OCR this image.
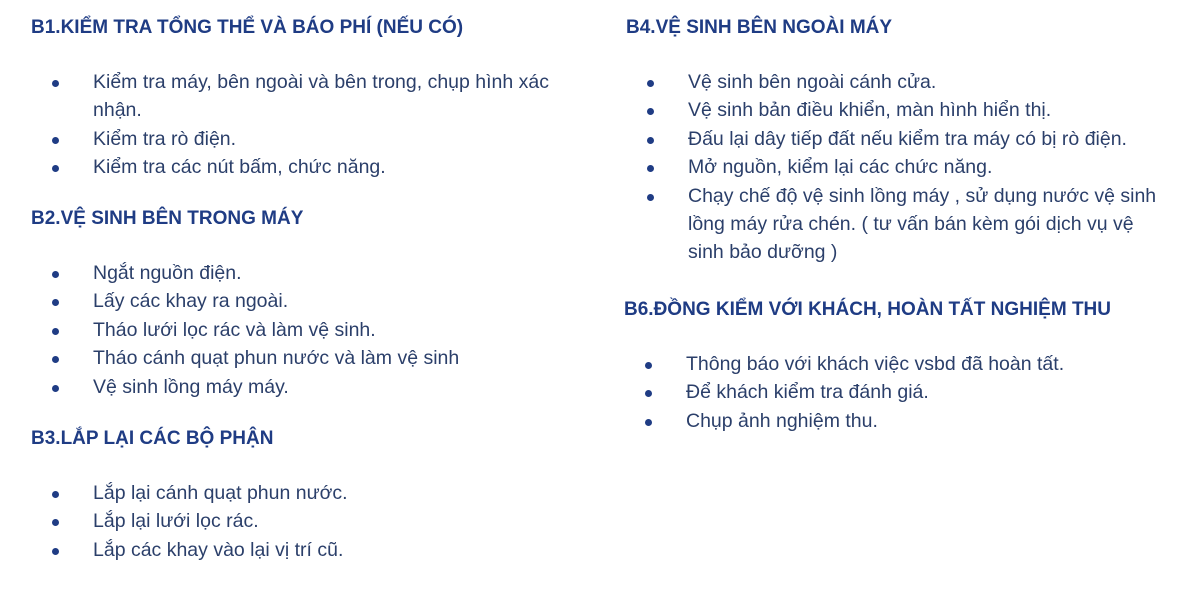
B1.KIỂM TRA TỔNG THỂ VÀ BÁO PHÍ (NẾU CÓ)
Kiểm tra máy, bên ngoài và bên trong, chụp hình xác nhận.
Kiểm tra rò điện.
Kiểm tra các nút bấm, chức năng.
B2.VỆ SINH BÊN TRONG MÁY
Ngắt nguồn điện.
Lấy các khay ra ngoài.
Tháo lưới lọc rác và làm vệ sinh.
Tháo cánh quạt phun nước và làm vệ sinh
Vệ sinh lồng máy máy.
B3.LẮP LẠI CÁC BỘ PHẬN
Lắp lại cánh quạt phun nước.
Lắp lại lưới lọc rác.
Lắp các khay vào lại vị trí cũ.
B4.VỆ SINH BÊN NGOÀI MÁY
Vệ sinh bên ngoài cánh cửa.
Vệ sinh bản điều khiển, màn hình hiển thị.
Đấu lại dây tiếp đất nếu kiểm tra máy có bị rò điện.
Mở nguồn, kiểm lại các chức năng.
Chạy chế độ vệ sinh lồng máy , sử dụng nước vệ sinh lồng máy rửa chén. ( tư vấn bán kèm gói dịch vụ vệ sinh bảo dưỡng )
B6.ĐỒNG KIỂM VỚI KHÁCH, HOÀN TẤT NGHIỆM THU
Thông báo với khách việc vsbd đã hoàn tất.
Để khách kiểm tra đánh giá.
Chụp ảnh nghiệm thu.
